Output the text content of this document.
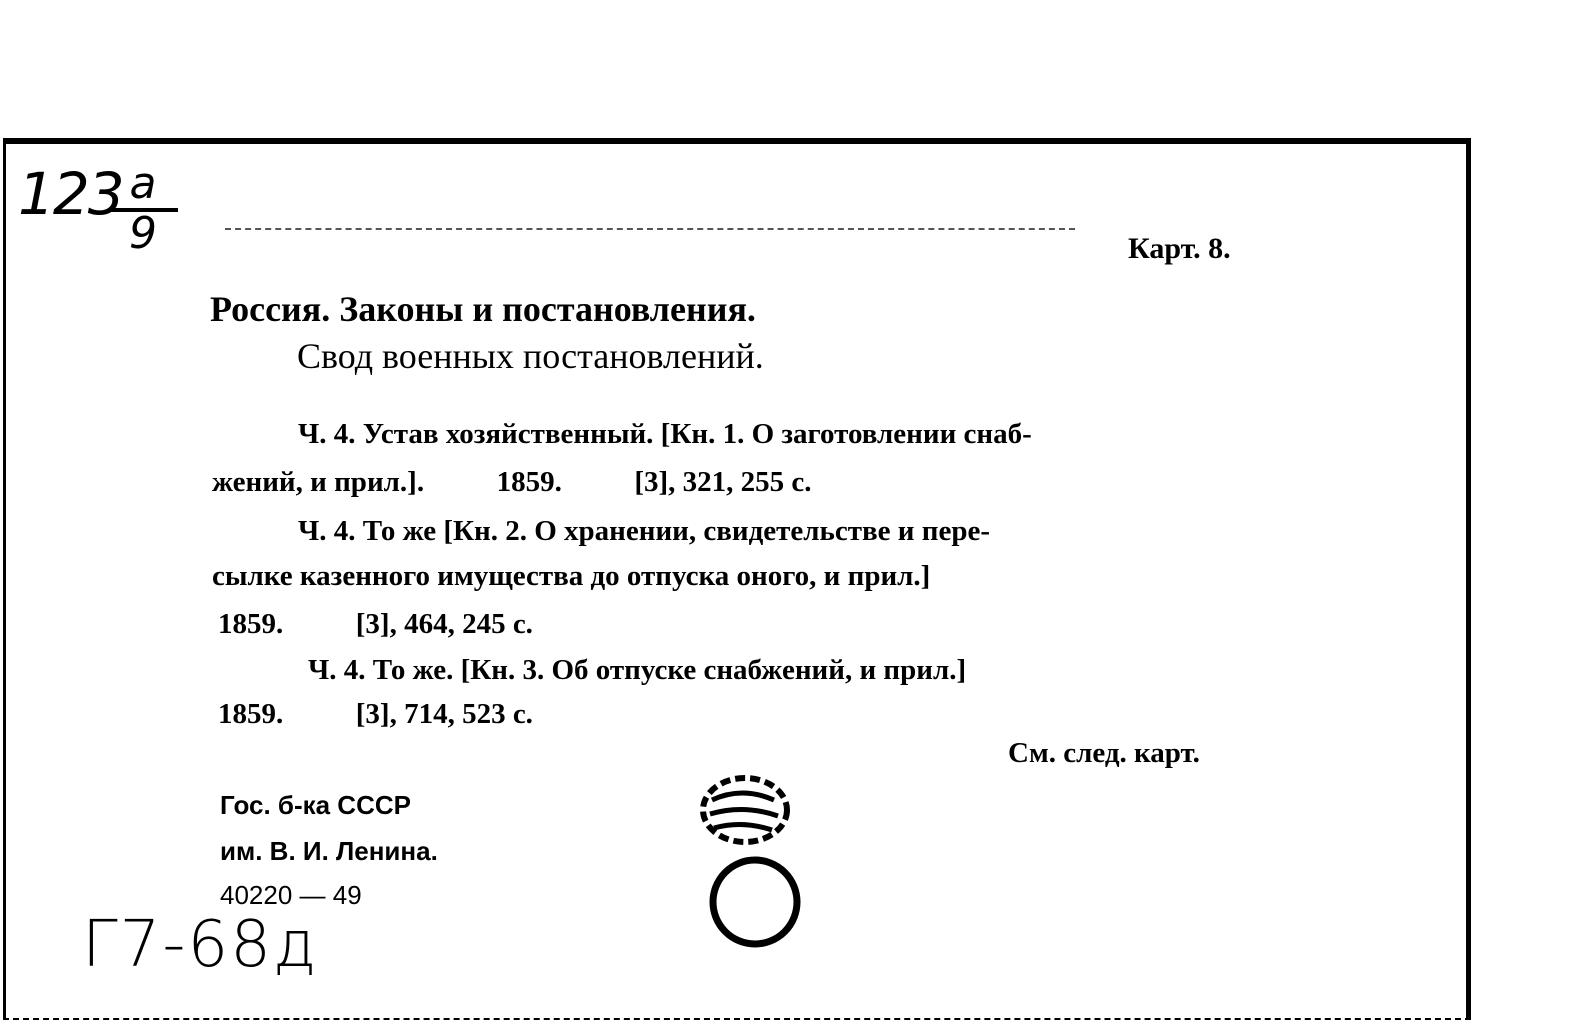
123
$\frac{a}{9}$	Карт. 8.
Россия. Законы и постановления.
Свод военных постановлений.
Ч. 4. Устав хозяйственный. [Кн. 1. О заготовлении снаб-
жений, и прил.].          1859.          [3], 321, 255 с.
Ч. 4. То же [Кн. 2. О хранении, свидетельстве и пере-
сылке казенного имущества до отпуска оного, и прил.]
1859.          [3], 464, 245 с.
Ч. 4. То же. [Кн. 3. Об отпуске снабжений, и прил.]
1859.          [3], 714, 523 с.
См. след. карт.
Гос. б-ка СССР
им. В. И. Ленина.
40220 — 49
Г7-68д
